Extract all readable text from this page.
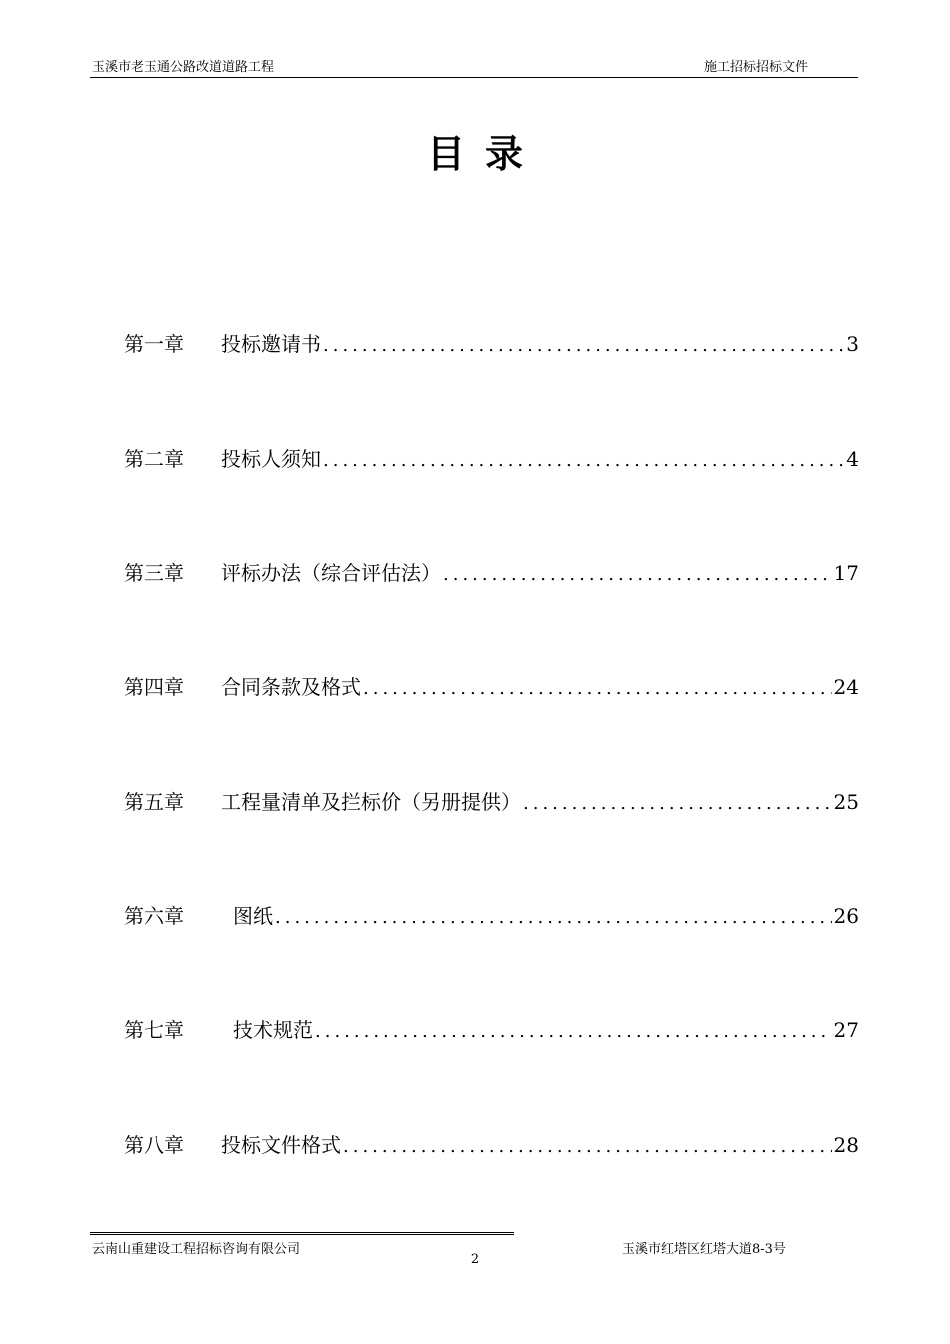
玉溪市老玉通公路改道道路工程	施工招标招标文件
目录
第一章	投标邀请书 .....	3
第二章	投标人须知 .....	4
第三章	评标办法（综合评估法） .....	17
第四章	合同条款及格式 .....	24
第五章	工程量清单及拦标价（另册提供） .....	25
第六章	图纸 .....	26
第七章	技术规范 .....	27
第八章	投标文件格式 .....	28
云南山重建设工程招标咨询有限公司	玉溪市红塔区红塔大道8-3号
2
